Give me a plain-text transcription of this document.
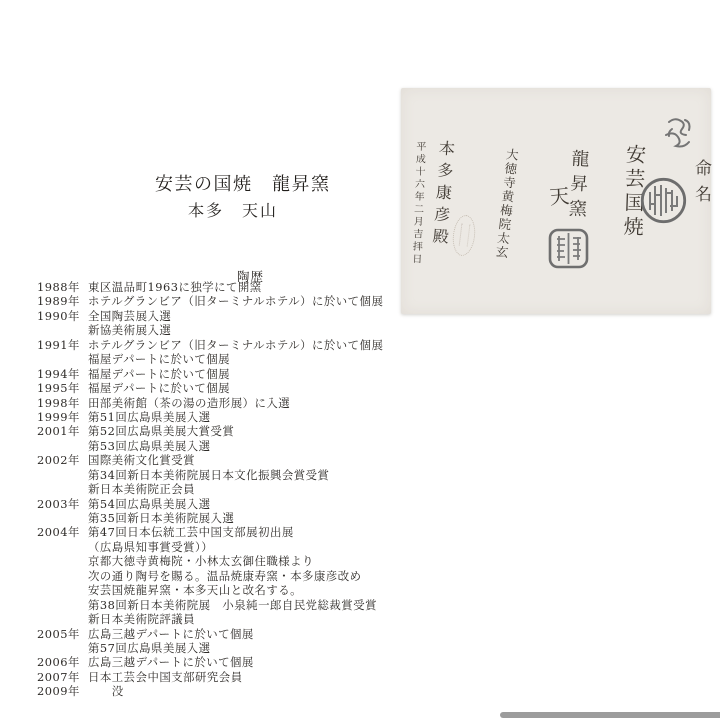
安芸の国焼　龍昇窯
本多　天山
陶歴
1988年 東区温品町1963に独学にて開窯
1989年 ホテルグランビア（旧ターミナルホテル）に於いて個展
1990年 全国陶芸展入選
新協美術展入選
1991年 ホテルグランビア（旧ターミナルホテル）に於いて個展
福屋デパートに於いて個展
1994年 福屋デパートに於いて個展
1995年 福屋デパートに於いて個展
1998年 田部美術館（茶の湯の造形展）に入選
1999年 第51回広島県美展入選
2001年 第52回広島県美展大賞受賞
第53回広島県美展入選
2002年 国際美術文化賞受賞
第34回新日本美術院展日本文化振興会賞受賞
新日本美術院正会員
2003年 第54回広島県美展入選
第35回新日本美術院展入選
2004年 第47回日本伝統工芸中国支部展初出展
（広島県知事賞受賞））
京都大徳寺黄梅院・小林太玄御住職様より
次の通り陶号を賜る。温品焼康寿窯・本多康彦改め
安芸国焼龍昇窯・本多天山と改名する。
第38回新日本美術院展　小泉純一郎自民党総裁賞受賞
新日本美術院評議員
2005年 広島三越デパートに於いて個展
第57回広島県美展入選
2006年 広島三越デパートに於いて個展
2007年 日本工芸会中国支部研究会員
2009年 　　没
命名
安芸国焼
龍昇窯
天
大徳寺黄梅院太玄
本多康彦殿
平成十六年二月吉拝日
